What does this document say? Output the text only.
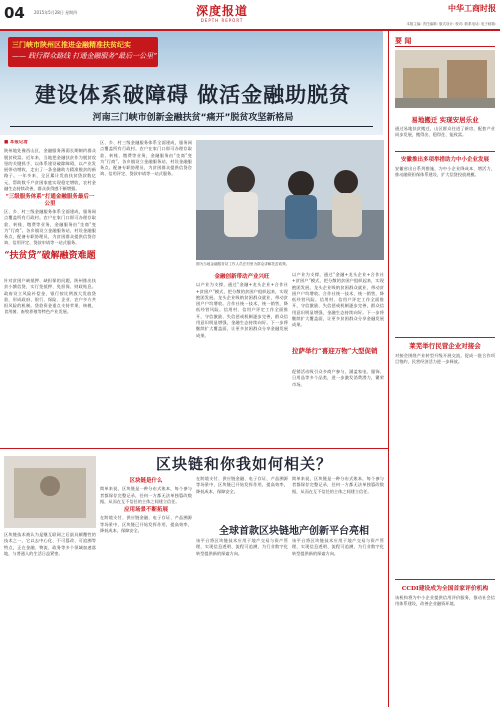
04 2015年5月28日 星期四	深度报道
DEPTH REPORT
中华工商时报
本版主编: 责任编辑: 版式设计: 校对: 联系电话: 电子邮箱:
三门峡市陕州区推进金融精准扶贫纪实
—— 践行群众路线 打通金融服务“最后一公里”
建设体系破障碍 做活金融助脱贫
河南三门峡市创新金融扶贫“痛开”脱贫攻坚新格局
■ 本报记者
陕州地处豫西山区，金融服务薄弱长期制约群众脱贫致富。近年来，当地把金融扶贫作为脱贫攻坚的关键抓手，以体系建设破除障碍，以产业发展带动增收，走出了一条金融助力精准脱贫的新路子。一年多来，全区累计发放扶贫贷款数亿元，帮助数千户贫困家庭实现稳定增收，农村金融生态持续改善，群众获得感不断增强。
“三级服务体系”打通金融服务最后一公里
区、乡、村三级金融服务体系全面建成，服务网点覆盖所有行政村。农户在家门口即可办理存取款、转账、缴费等业务，金融服务由“坐商”变为“行商”。各乡镇设立金融服务站，村设金融服务点，配备专职协理员，为贫困群众提供信贷咨询、信用评定、贷款申请等一站式服务。
“扶贫贷”破解融资难题
针对贫困户缺抵押、缺担保的问题，陕州推出扶贫小额信贷，实行免抵押、免担保、财政贴息。政府设立风险补偿金，银行按比例放大发放贷款，形成政府、银行、保险、企业、农户多方共担风险的机制。贷款资金重点支持苹果、核桃、食用菌、畜牧养殖等特色产业发展。
区、乡、村三级金融服务体系全面建成，服务网点覆盖所有行政村。农户在家门口即可办理存取款、转账、缴费等业务，金融服务由“坐商”变为“行商”。各乡镇设立金融服务站，村设金融服务点，配备专职协理员，为贫困群众提供信贷咨询、信用评定、贷款申请等一站式服务。
图为当地金融服务站工作人员在村里为群众讲解扶贫政策。
金融创新带动产业兴旺
以产业为支撑，通过“金融+龙头企业+合作社+贫困户”模式，把分散的贫困户组织起来，实现抱团发展。龙头企业吸纳贫困群众就业，带动贫困户户均增收。合作社统一技术、统一销售，降低经营风险。信用村、信用户评定工作全面推开，守信激励、失信惩戒机制逐步完善，群众信用意识明显增强，金融生态持续向好。下一步将继续扩大覆盖面，让更多贫困群众分享金融发展成果。
以产业为支撑，通过“金融+龙头企业+合作社+贫困户”模式，把分散的贫困户组织起来，实现抱团发展。龙头企业吸纳贫困群众就业，带动贫困户户均增收。合作社统一技术、统一销售，降低经营风险。信用村、信用户评定工作全面推开，守信激励、失信惩戒机制逐步完善，群众信用意识明显增强，金融生态持续向好。下一步将继续扩大覆盖面，让更多贫困群众分享金融发展成果。
拉萨举行“喜迎万物”大型促销
促销活动吸引众多商户参与，涵盖家电、服饰、日用品等多个品类，进一步激发消费潜力，繁荣市场。
要 闻
易地搬迁 实现安居乐业
通过易地扶贫搬迁，山区群众住进了新房，配套产业同步发展，搬得出、稳得住、能致富。
安徽推出多项举措助力中小企业发展
安徽省出台系列措施，为中小企业降成本、增活力，推动融资担保体系建设，扩大信贷投放规模。
莱芜举行民营企业对接会
对接会围绕产业转型升级开展交流，促成一批合作项目签约，民营经济活力进一步释放。
CCDI建设成为全国首家评价机构
该机构将为中小企业提供信用评价服务，推动社会信用体系建设，改善企业融资环境。
区块链和你我如何相关？
区块链技术被认为是继互联网之后最具颠覆性的技术之一，它以去中心化、不可篡改、可追溯等特点，正在金融、物流、政务等多个领域加速落地，与普通人的生活日益紧密。
区块链是什么
简单来说，区块链是一种分布式账本，每个参与者都保存完整记录，任何一方都无法单独篡改数据，从而在互不信任的主体之间建立信任。
应用场景不断拓展
在跨境支付、供应链金融、电子存证、产品溯源等场景中，区块链已开始发挥作用，提高效率，降低成本，保障安全。
在跨境支付、供应链金融、电子存证、产品溯源等场景中，区块链已开始发挥作用，提高效率，降低成本，保障安全。
简单来说，区块链是一种分布式账本，每个参与者都保存完整记录，任何一方都无法单独篡改数据，从而在互不信任的主体之间建立信任。
全球首款区块链地产创新平台亮相
该平台将区块链技术应用于地产交易与资产管理，实现信息透明、流程可追溯，为行业数字化转型提供新的探索方向。
该平台将区块链技术应用于地产交易与资产管理，实现信息透明、流程可追溯，为行业数字化转型提供新的探索方向。
